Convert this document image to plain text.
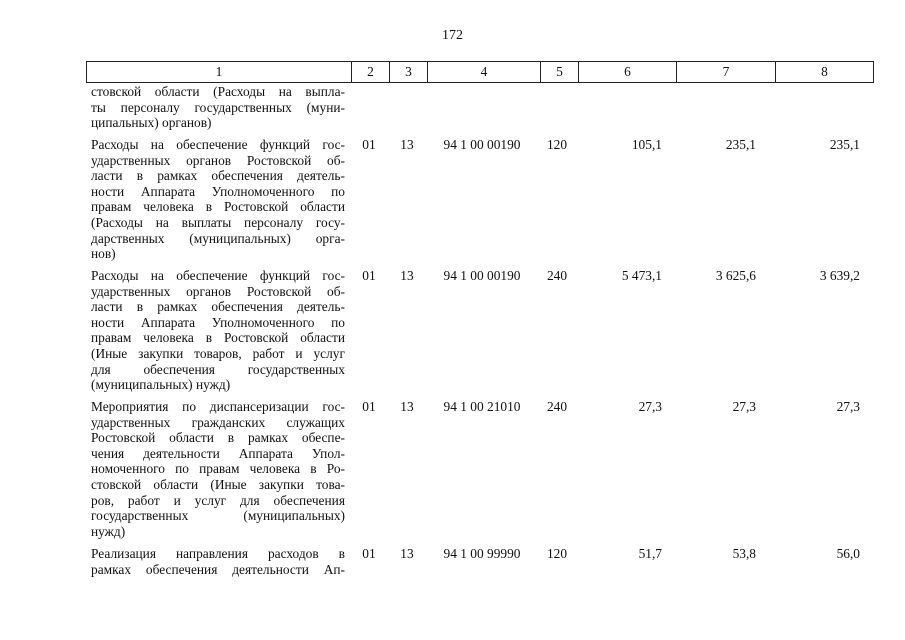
172
1	2	3	4	5	6	7	8
стовской области (Расходы на выпла-
ты персоналу государственных (муни-
ципальных) органов)
Расходы на обеспечение функций гос-
ударственных органов Ростовской об-
ласти в рамках обеспечения деятель-
ности Аппарата Уполномоченного по
правам человека в Ростовской области
(Расходы на выплаты персоналу госу-
дарственных (муниципальных) орга-
нов)
01	13	94 1 00 00190	120	105,1	235,1	235,1
Расходы на обеспечение функций гос-
ударственных органов Ростовской об-
ласти в рамках обеспечения деятель-
ности Аппарата Уполномоченного по
правам человека в Ростовской области
(Иные закупки товаров, работ и услуг
для обеспечения государственных
(муниципальных) нужд)
01	13	94 1 00 00190	240	5 473,1	3 625,6	3 639,2
Мероприятия по диспансеризации гос-
ударственных гражданских служащих
Ростовской области в рамках обеспе-
чения деятельности Аппарата Упол-
номоченного по правам человека в Ро-
стовской области (Иные закупки това-
ров, работ и услуг для обеспечения
государственных (муниципальных)
нужд)
01	13	94 1 00 21010	240	27,3	27,3	27,3
Реализация направления расходов в
рамках обеспечения деятельности Ап-
01	13	94 1 00 99990	120	51,7	53,8	56,0
